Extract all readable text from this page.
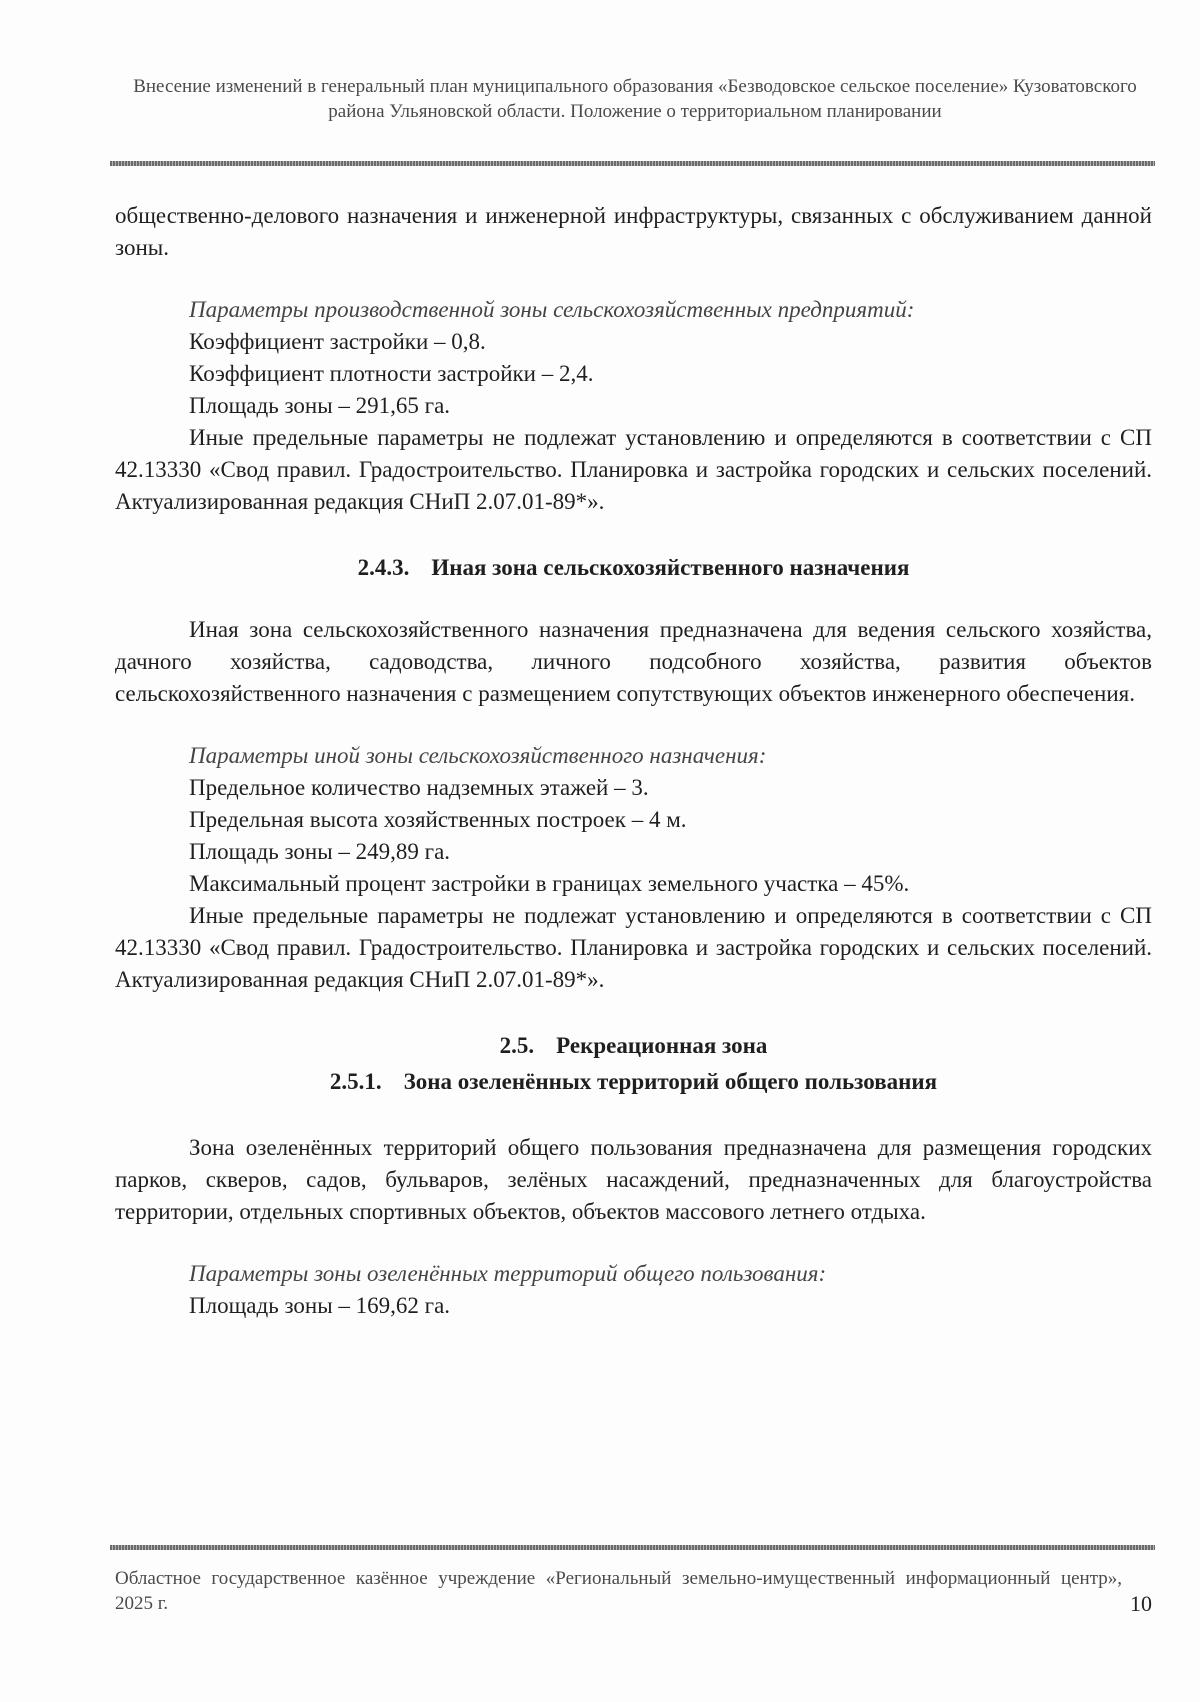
Внесение изменений в генеральный план муниципального образования «Безводовское сельское поселение» Кузоватовского района Ульяновской области. Положение о территориальном планировании

общественно-делового назначения и инженерной инфраструктуры, связанных с обслуживанием данной зоны.

Параметры производственной зоны сельскохозяйственных предприятий:

Коэффициент застройки – 0,8.

Коэффициент плотности застройки – 2,4.

Площадь зоны – 291,65 га.

Иные предельные параметры не подлежат установлению и определяются в соответствии с СП 42.13330 «Свод правил. Градостроительство. Планировка и застройка городских и сельских поселений. Актуализированная редакция СНиП 2.07.01-89*».

2.4.3. Иная зона сельскохозяйственного назначения

Иная зона сельскохозяйственного назначения предназначена для ведения сельского хозяйства, дачного хозяйства, садоводства, личного подсобного хозяйства, развития объектов сельскохозяйственного назначения с размещением сопутствующих объектов инженерного обеспечения.

Параметры иной зоны сельскохозяйственного назначения:

Предельное количество надземных этажей – 3.

Предельная высота хозяйственных построек – 4 м.

Площадь зоны – 249,89 га.

Максимальный процент застройки в границах земельного участка – 45%.

Иные предельные параметры не подлежат установлению и определяются в соответствии с СП 42.13330 «Свод правил. Градостроительство. Планировка и застройка городских и сельских поселений. Актуализированная редакция СНиП 2.07.01-89*».

2.5. Рекреационная зона
2.5.1. Зона озеленённых территорий общего пользования

Зона озеленённых территорий общего пользования предназначена для размещения городских парков, скверов, садов, бульваров, зелёных насаждений, предназначенных для благоустройства территории, отдельных спортивных объектов, объектов массового летнего отдыха.

Параметры зоны озеленённых территорий общего пользования:

Площадь зоны – 169,62 га.

Областное государственное казённое учреждение «Региональный земельно-имущественный информационный центр», 2025 г.	10
